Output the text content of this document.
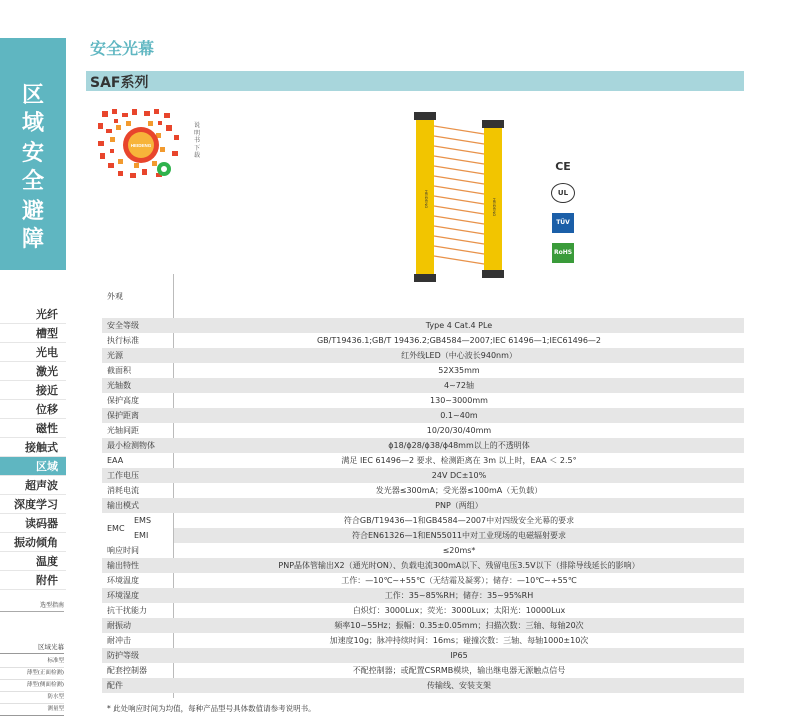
区
域
安
全
避
障
光纤
槽型
光电
激光
接近
位移
磁性
接触式
区域
超声波
深度学习
读码器
振动倾角
温度
附件
选型指南
区域光幕
标准型
薄型(正面检测)
薄型(侧面检测)
防水型
测量型
安全光幕
SAF系列
HEIDENG
说明书下载
HEIDENG	HEIDENG
CE
UL
TÜV
RoHS
外观
安全等级	Type 4 Cat.4 PLe
执行标准	GB/T19436.1;GB/T 19436.2;GB4584—2007;IEC 61496—1;IEC61496—2
光源	红外线LED（中心波长940nm）
截面积	52X35mm
光轴数	4~72轴
保护高度	130~3000mm
保护距离	0.1~40m
光轴间距	10/20/30/40mm
最小检测物体	ϕ18/ϕ28/ϕ38/ϕ48mm以上的不透明体
EAA	满足 IEC 61496—2 要求、检测距离在 3m 以上时，EAA ＜ 2.5°
工作电压	24V DC±10%
消耗电流	发光器≤300mA；受光器≤100mA（无负载）
输出模式	PNP（两组）
EMC
EMS	符合GB/T19436—1和GB4584—2007中对四级安全光幕的要求
EMI	符合EN61326—1和EN55011中对工业现场的电磁辐射要求
响应时间	≤20ms*
输出特性	PNP晶体管输出X2（通光时ON）、负载电流300mA以下、残留电压3.5V以下（排除导线延长的影响）
环境温度	工作：—10℃~+55℃（无结霜及凝雾）；储存：—10℃~+55℃
环境湿度	工作：35~85%RH；储存：35~95%RH
抗干扰能力	白炽灯：3000Lux；荧光：3000Lux；太阳光：10000Lux
耐振动	频率10~55Hz；振幅：0.35±0.05mm；扫描次数：三轴、每轴20次
耐冲击	加速度10g；脉冲持续时间：16ms；碰撞次数：三轴、每轴1000±10次
防护等级	IP65
配套控制器	不配控制器；或配置CSRMB模块，输出继电器无源触点信号
配件	传输线、安装支架
* 此处响应时间为均值，每种产品型号具体数值请参考说明书。
